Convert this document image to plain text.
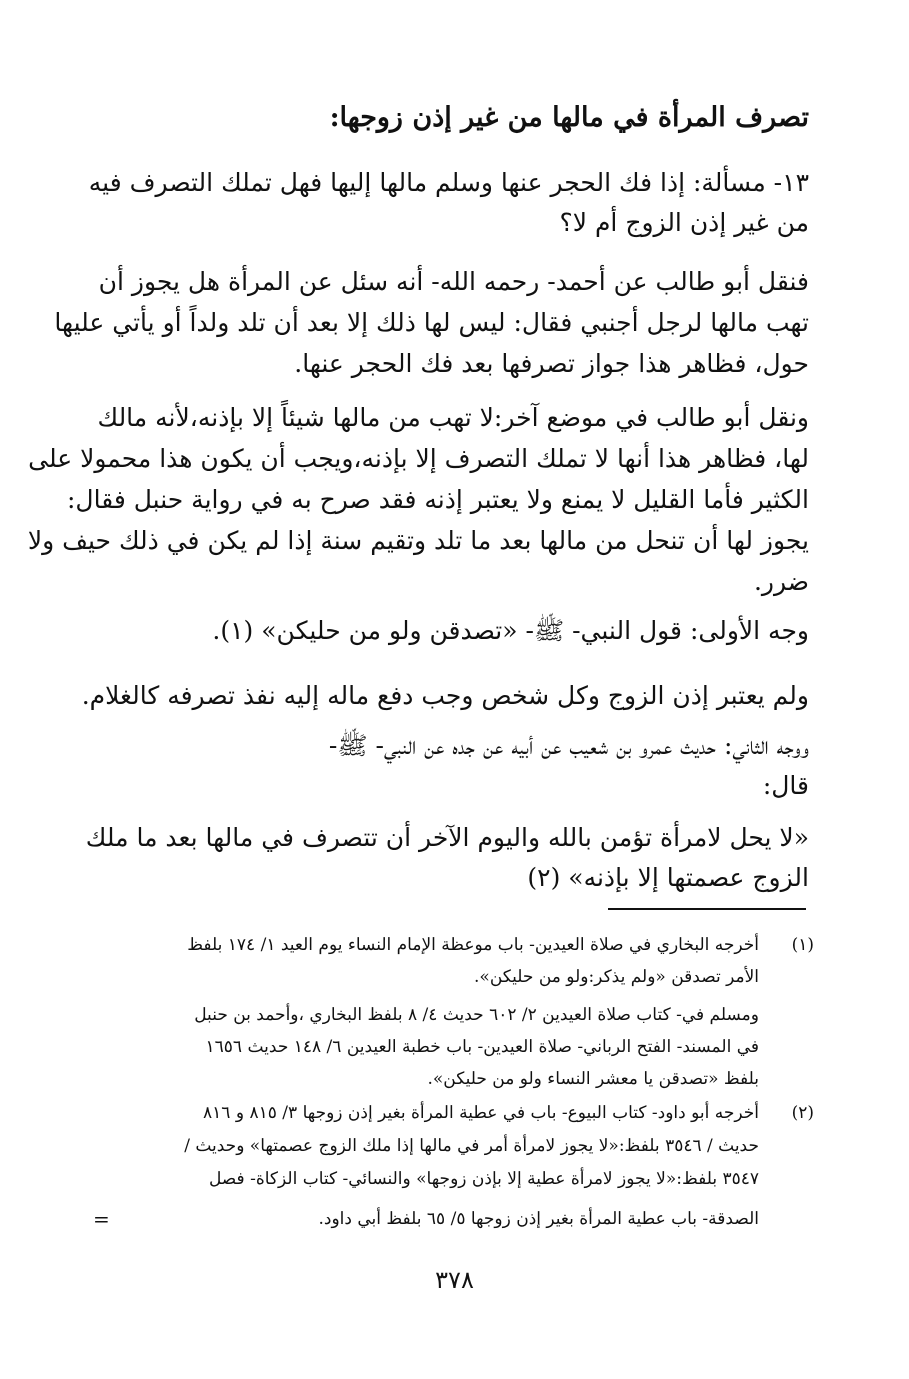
تصرف المرأة في مالها من غير إذن زوجها:
١٣- مسألة: إذا فك الحجر عنها وسلم مالها إليها فهل تملك التصرف فيه
من غير إذن الزوج أم لا؟
فنقل أبو طالب عن أحمد- رحمه الله- أنه سئل عن المرأة هل يجوز أن
تهب مالها لرجل أجنبي فقال: ليس لها ذلك إلا بعد أن تلد ولداً أو يأتي عليها
حول، فظاهر هذا جواز تصرفها بعد فك الحجر عنها.
ونقل أبو طالب في موضع آخر:لا تهب من مالها شيئاً إلا بإذنه،لأنه مالك
لها، فظاهر هذا أنها لا تملك التصرف إلا بإذنه،ويجب أن يكون هذا محمولا على
الكثير فأما القليل لا يمنع ولا يعتبر إذنه فقد صرح به في رواية حنبل فقال:
يجوز لها أن تنحل من مالها بعد ما تلد وتقيم سنة إذا لم يكن في ذلك حيف ولا
ضرر.
وجه الأولى: قول النبي- ﷺ- «تصدقن ولو من حليكن» (١).
ولم يعتبر إذن الزوج وكل شخص وجب دفع ماله إليه نفذ تصرفه كالغلام.
ووجه الثاني: حديث عمرو بن شعيب عن أبيه عن جده عن النبي- ﷺ-
قال:
«لا يحل لامرأة تؤمن بالله واليوم الآخر أن تتصرف في مالها بعد ما ملك
الزوج عصمتها إلا بإذنه» (٢)
(١)
أخرجه البخاري في صلاة العيدين- باب موعظة الإمام النساء يوم العيد ١/ ١٧٤ بلفظ
الأمر تصدقن «ولم يذكر:ولو من حليكن».
ومسلم في- كتاب صلاة العيدين ٢/ ٦٠٢ حديث ٤/ ٨ بلفظ البخاري ،وأحمد بن حنبل
في المسند- الفتح الرباني- صلاة العيدين- باب خطبة العيدين ٦/ ١٤٨ حديث ١٦٥٦
بلفظ «تصدقن يا معشر النساء ولو من حليكن».
(٢)
أخرجه أبو داود- كتاب البيوع- باب في عطية المرأة بغير إذن زوجها ٣/ ٨١٥ و ٨١٦
حديث / ٣٥٤٦ بلفظ:«لا يجوز لامرأة أمر في مالها إذا ملك الزوج عصمتها» وحديث /
٣٥٤٧ بلفظ:«لا يجوز لامرأة عطية إلا بإذن زوجها» والنسائي- كتاب الزكاة- فصل
الصدقة- باب عطية المرأة بغير إذن زوجها ٥/ ٦٥ بلفظ أبي داود.
=
٣٧٨
